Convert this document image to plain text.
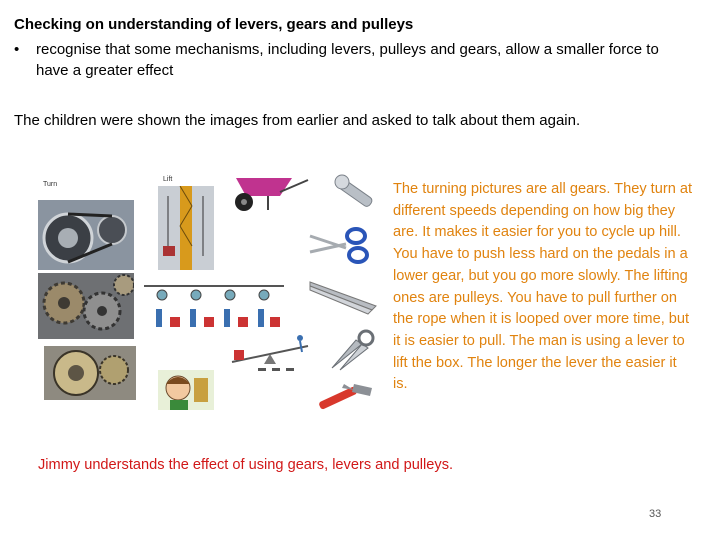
Checking on understanding of levers, gears and pulleys
• recognise that some mechanisms, including levers, pulleys and gears, allow a smaller force to have a greater effect
The children were shown the images from earlier and asked to talk about them again.
Turn
Lift
The turning pictures are all gears. They turn at different speeds depending on how big they are. It makes it easier for you to cycle up hill. You have to push less hard on the pedals in a lower gear, but you go more slowly. The lifting ones are pulleys. You have to pull further on the rope when it is looped over more time, but it is easier to pull. The man is using a lever to lift the box. The longer the lever the easier it is.
Jimmy understands the effect of using gears, levers and pulleys.
33
